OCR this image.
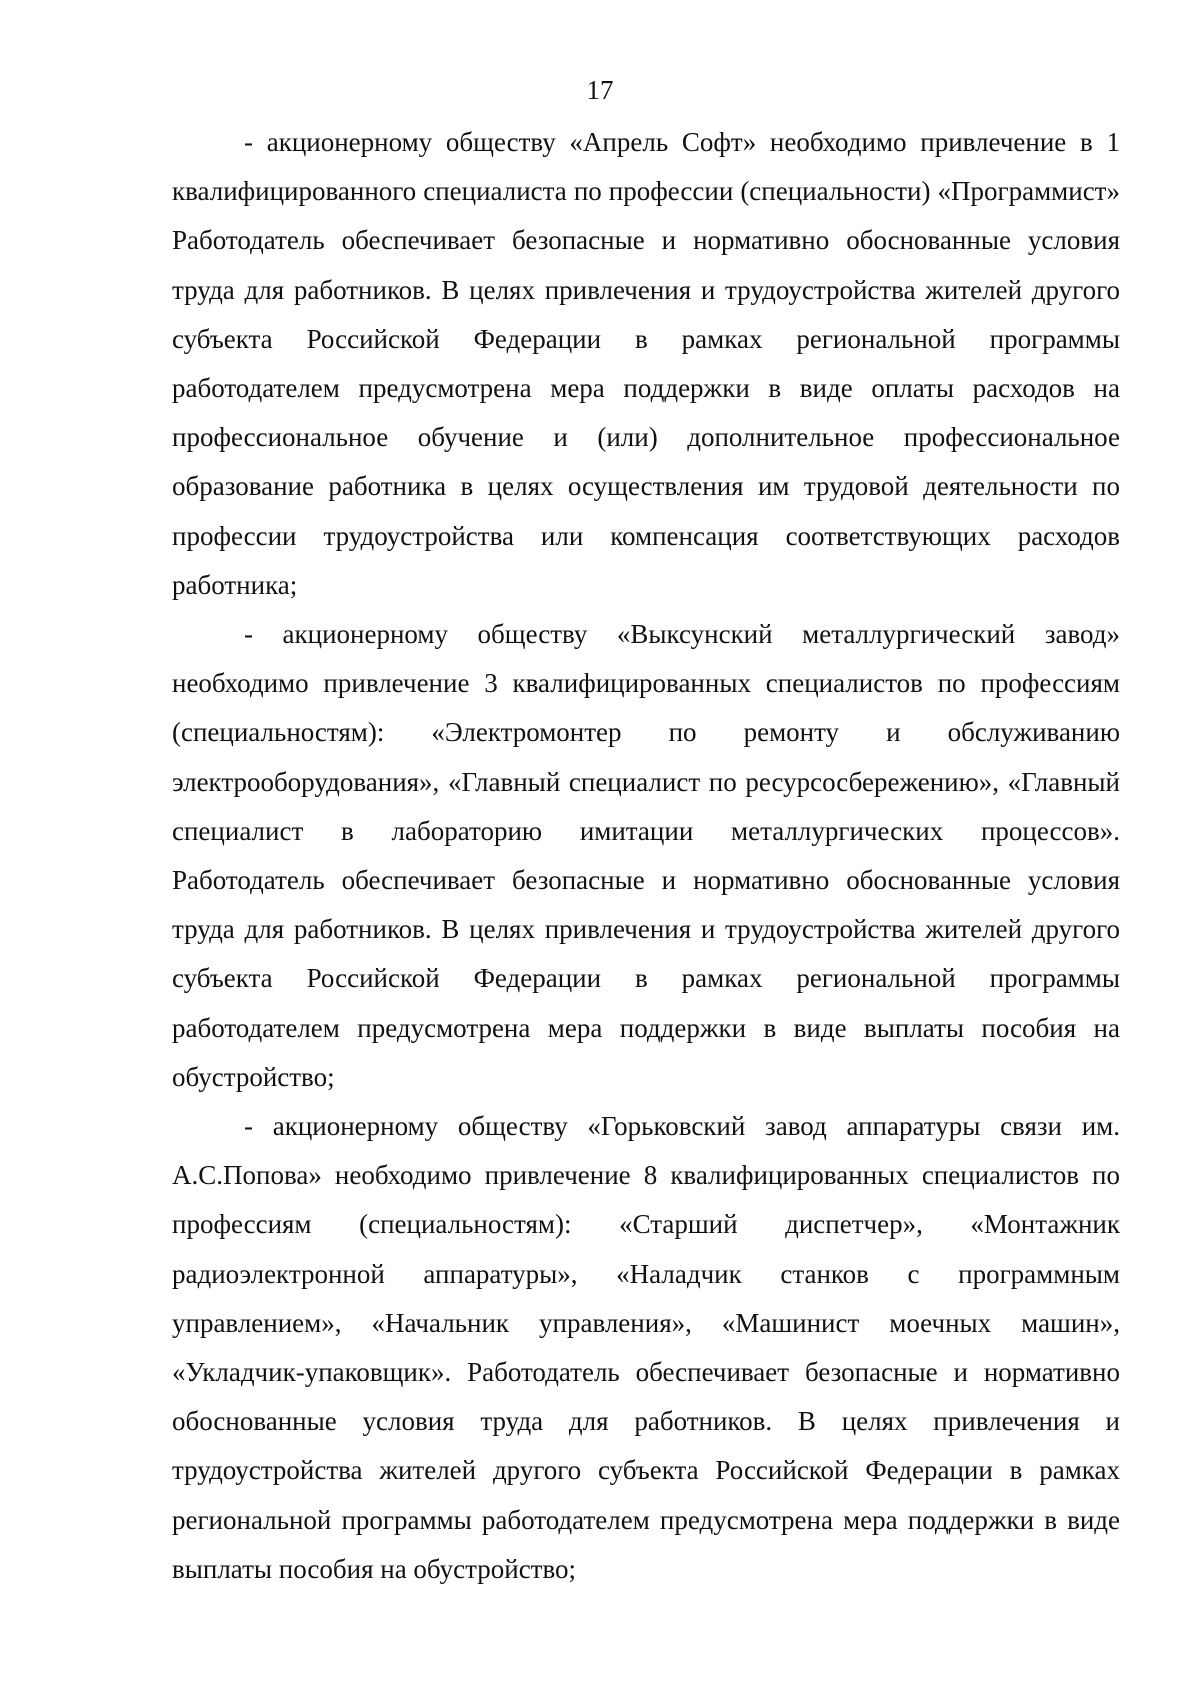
17

- акционерному обществу «Апрель Софт» необходимо привлечение в 1 квалифицированного специалиста по профессии (специальности) «Программист» Работодатель обеспечивает безопасные и нормативно обоснованные условия труда для работников. В целях привлечения и трудоустройства жителей другого субъекта Российской Федерации в рамках региональной программы работодателем предусмотрена мера поддержки в виде оплаты расходов на профессиональное обучение и (или) дополнительное профессиональное образование работника в целях осуществления им трудовой деятельности по профессии трудоустройства или компенсация соответствующих расходов работника;

- акционерному обществу «Выксунский металлургический завод» необходимо привлечение 3 квалифицированных специалистов по профессиям (специальностям): «Электромонтер по ремонту и обслуживанию электрооборудования», «Главный специалист по ресурсосбережению», «Главный специалист в лабораторию имитации металлургических процессов». Работодатель обеспечивает безопасные и нормативно обоснованные условия труда для работников. В целях привлечения и трудоустройства жителей другого субъекта Российской Федерации в рамках региональной программы работодателем предусмотрена мера поддержки в виде выплаты пособия на обустройство;

- акционерному обществу «Горьковский завод аппаратуры связи им. А.С.Попова» необходимо привлечение 8 квалифицированных специалистов по профессиям (специальностям): «Старший диспетчер», «Монтажник радиоэлектронной аппаратуры», «Наладчик станков с программным управлением», «Начальник управления», «Машинист моечных машин», «Укладчик-упаковщик». Работодатель обеспечивает безопасные и нормативно обоснованные условия труда для работников. В целях привлечения и трудоустройства жителей другого субъекта Российской Федерации в рамках региональной программы работодателем предусмотрена мера поддержки в виде выплаты пособия на обустройство;
